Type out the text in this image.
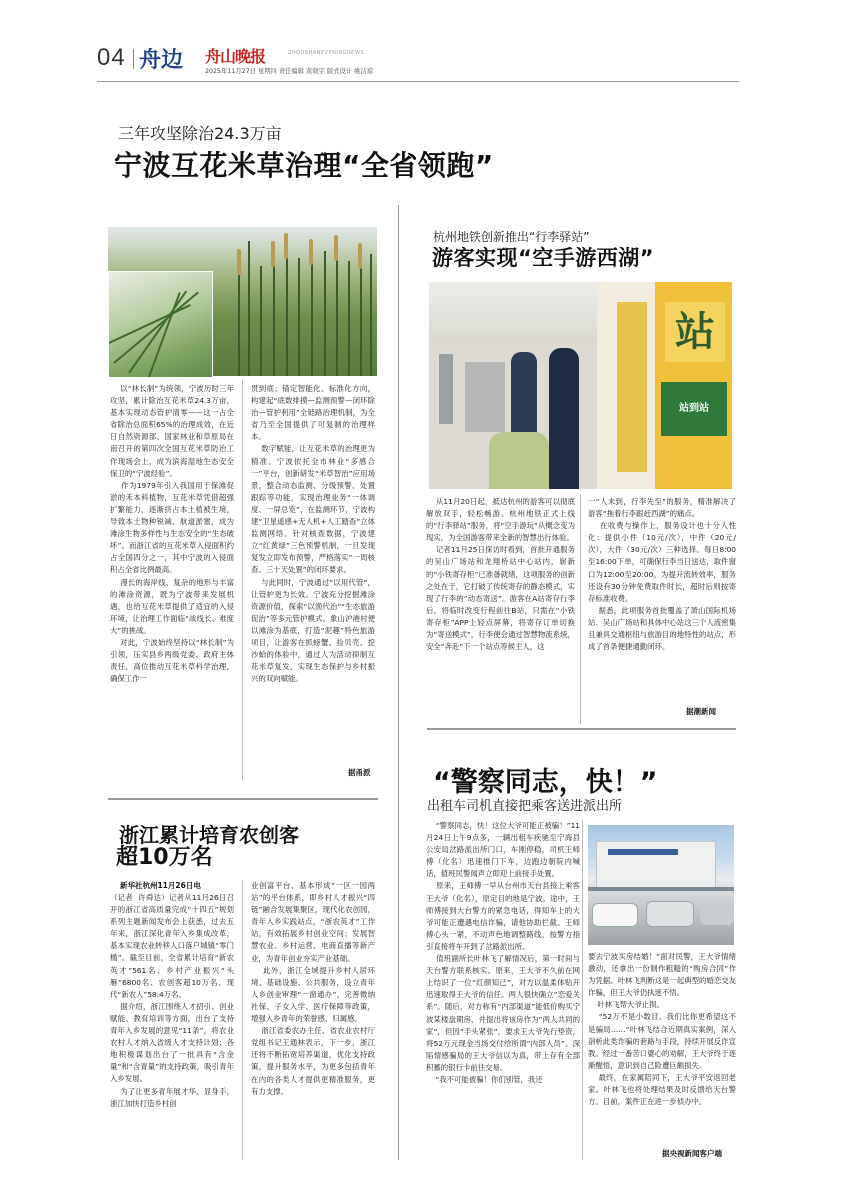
04 舟边 舟山晚报	ZHOUSHANEVENINGNEWS
2025年11月27日 星期四 责任编辑 黄晓宇 版式设计 姚洁琼
三年攻坚除治24.3万亩
宁波互花米草治理“全省领跑”
以“林长制”为统领，宁波历时三年攻坚，累计除治互花米草24.3万亩，基本实现动态管护清零——这一占全省除治总面积65%的治理成效，在近日自然资源部、国家林业和草原局在南召开的第四次全国互花米草防治工作现场会上，成为滨海湿地生态安全保卫的“宁波经验”。
作为1979年引入我国用于保滩促淤的禾本科植物，互花米草凭借超强扩繁能力，逐渐挤占本土植被生境，导致本土物种锐减、航道淤塞，成为滩涂生物多样性与生态安全的“生态破坏”。而浙江省的互花米草入侵面积约占全国四分之一，其中宁波的入侵面积占全省比例最高。
漫长的海岸线、复杂的地形与丰富的滩涂资源，既为宁波带来发展机遇，也给互花米草提供了适宜的入侵环境，让治理工作面临“战线长、难度大”的挑战。
对此，宁波始终坚持以“林长制”为引领，压实县乡两级党委、政府主体责任，高位推动互花米草科学治理，确保工作一
贯到底；锚定智能化、标准化方向，构建起“底数排摸—监测预警—闭环除治—管护利用”全链路治理机制，为全省乃至全国提供了可复制的治理样本。
数字赋能，让互花米草的治理更为精准。宁波依托全市林业“多感合一”平台，创新研发“米草智治”应用场景，整合动态监测、分级预警、处置跟踪等功能，实现治理业务“一体调度、一屏总览”，在监测环节，宁波构建“卫星遥感+无人机+人工踏查”立体监测网络。针对核查数据，宁波建立“红黄绿”三色预警机制，一旦发现复发立即发布预警，严格落实“一周核查、三十天处置”的闭环要求。
与此同时，宁波通过“以用代管”，让管护更为长效。宁波充分挖掘滩涂资源价值，探索“以渔代治”“生态旅游促治”等多元管护模式。象山沪港村便以滩涂为基底，打造“泥趣”特色旅游项目，让游客在抓螃蟹、捡贝壳、挖沙蛤的体验中，通过人为活动抑制互花米草复发，实现生态保护与乡村振兴的双向赋能。
据甬派
浙江累计培育农创客
超10万名
新华社杭州11月26日电
（记者  许舜达）记者从11月26日召开的浙江省高质量完成“十四五”规划系列主题新闻发布会上获悉，过去五年来，浙江深化青年入乡集成改革，基本实现农业转移人口落户城镇“零门槛”。截至目前，全省累计培育“新农英才”561名、乡村产业振兴“头雁”6800名、农创客超10万名、现代“新农人”58.4万名。
据介绍，浙江围绕人才招引、创业赋能、教育培训等方面，出台了支持青年入乡发展的意见“11条”，将农业农村人才纳入省级人才支持计划；各地积极谋划出台了一批具有“含金量”和“含青量”的支持政策，吸引青年入乡发展。
为了让更多青年展才华、显身手，浙江加快打造乡村创
业创富平台、基本形成“一区一园两站”的平台体系，即乡村人才振兴“四链”融合发展集聚区，现代化农创园，青年入乡实践站点，“浙农英才”工作站，有效拓展乡村创业空间；发展智慧农业、乡村运营、电商直播等新产业，为青年创业夯实产业基础。
此外，浙江全域提升乡村人居环境、基础设施、公共服务，设立青年人乡创业审理“一窗通办”，完善微纳社保、子女入学、医疗保障等政策，增强入乡青年的荣誉感、归属感。
浙江省委农办主任、省农业农村厅党组书记王通林表示，下一步，浙江还将不断拓宽培养渠道，优化支持政策，提升服务水平，为更多包括青年在内的各类人才提供更精准服务，更有力支撑。
杭州地铁创新推出“行李驿站”
游客实现“空手游西湖”
站
站到站
从11月20日起，抵达杭州的游客可以彻底解放双手，轻松畅游。杭州地铁正式上线的“行李驿站”服务，将“空手游玩”从概念变为现实，为全国游客带来全新的智慧出行体验。
记者11月25日探访时看到，首批开通服务的吴山广场站和龙翔桥站中心站内，崭新的“小铁寄存柜”已准备就绪，这项服务的创新之处在于，它打破了传统寄存的静态模式，实现了行李的“动态寄送”。游客在A站寄存行李后，将临时改变行程前往B站，只需在“小铁寄存柜”APP上轻点屏幕，将寄存订单切换为“寄送模式”，行李便会通过智慧物流系统，安全“奔赴”下一个站点等候主人，这
一“人未到，行李先至”的服务，精准解决了游客“拖着行李跟赶西湖”的痛点。
在收费与操作上，服务设计也十分人性化：提供小件（10元/次），中件（20元/次），大件（30元/次）三种选择。每日8:00至16:00下单，可确保行李当日送达，取件窗口为12:00至20:00。为提升流转效率，服务还设有30分钟免费取件时长，超时后则按寄存标准收费。
据悉，此项服务首批覆盖了萧山国际机场站、吴山广场站和具体中心站这三个人流密集且兼具交通枢纽与旅游目的地特性的站点，形成了首条便捷通勤闭环。
据潮新闻
“警察同志，快！”
出租车司机直接把乘客送进派出所
“警察同志，快！这位大爷可能正被骗！”11月24日上午9点多，一辆出租车疾驰至宁海县公安局岔路派出所门口，车刚停稳，司机王师傅（化名）迅速推门下车，边跑边朝院内喊话，值班民警闻声立即迎上前接手处置。
原来，王师傅一早从台州市天台县接上乘客王大爷（化名），原定目的地是宁波。途中，王师傅接到大台警方的紧急电话，得知车上的大爷可能正遭遇电信诈骗，请他协助拦截。王师傅心头一紧，不动声色地调整路线，按警方指引直接将车开到了岔路派出所。
值班副所长叶林飞了解情况后，第一时间与天台警方联系核实。原来，王大爷不久前在网上结识了一位“红颜知己”，对方以温柔体贴开迅速取得王大爷的信任。两人很快确立“恋爱关系”。随后，对方称有“内部渠道”能低价购买宁波某楼盘期房，并提出将该房作为“两人共同的家”，但因“手头紧张”，要求王大爷先行垫资，将52万元现金当场交付给所谓“内部人员”。深陷情感骗局的王大爷信以为真，带上存有全部积蓄的银行卡前往交易。
“我不可能被骗！你们别管，我还
要去宁波买房结婚！”面对民警，王大爷情绪激动，还拿出一份制作粗糙的“购房合同”作为凭据。叶林飞判断这是一起典型的婚恋交友诈骗，但王大爷仍执迷不悟。
叶林飞帮大爷止损。
“52万不是小数目。我们比你更希望这不是骗局……”叶林飞结合近期真实案例，深入剖析此类诈骗的套路与手段，持续开展反诈宣教。经过一番苦口婆心的劝解，王大爷终于逐渐醒悟，意识到自己险遭巨额损失。
最终，在家属陪同下，王大爷平安返回老家。叶林飞也将处理结果及时反馈给天台警方。目前，案件正在进一步侦办中。
据央视新闻客户端
